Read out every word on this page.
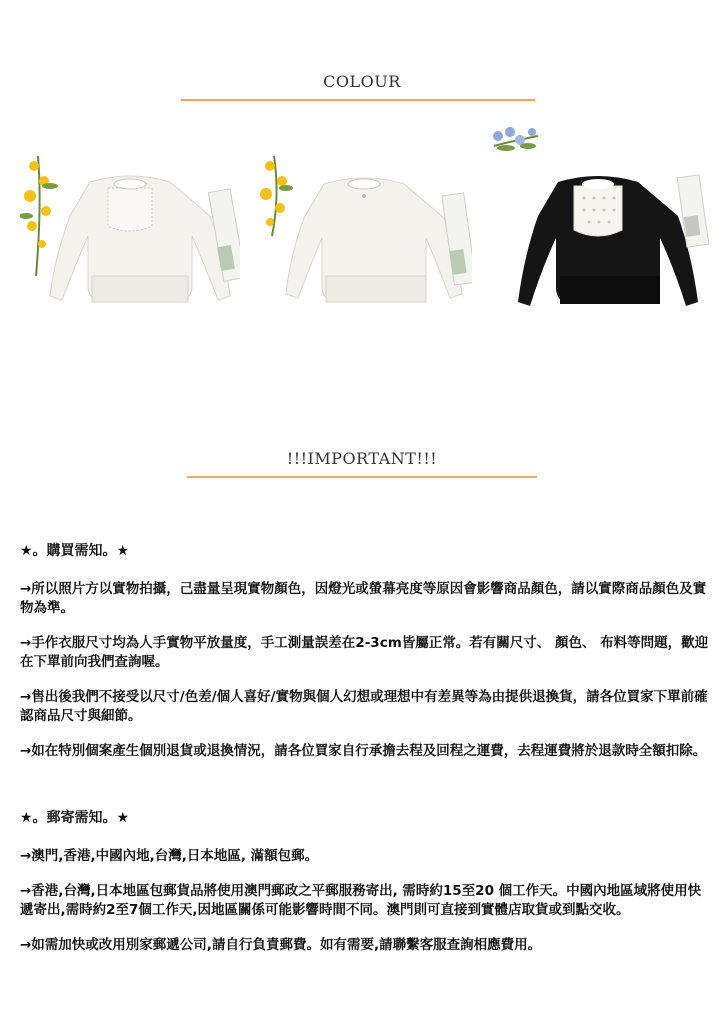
COLOUR
!!!IMPORTANT!!!
★。購買需知。★

→所以照片方以實物拍攝，己盡量呈現實物顏色，因燈光或螢幕亮度等原因會影響商品顏色，請以實際商品顏色及實物為準。

→手作衣服尺寸均為人手實物平放量度，手工測量誤差在2-3cm皆屬正常。若有關尺寸、 顏色、 布料等問題，歡迎在下單前向我們查詢喔。

→售出後我們不接受以尺寸/色差/個人喜好/實物與個人幻想或理想中有差異等為由提供退換貨，請各位買家下單前確認商品尺寸與細節。

→如在特別個案產生個別退貨或退換情況，請各位買家自行承擔去程及回程之運費，去程運費將於退款時全額扣除。

★。郵寄需知。★

→澳門,香港,中國內地,台灣,日本地區, 滿額包郵。

→香港,台灣,日本地區包郵貨品將使用澳門郵政之平郵服務寄出, 需時約15至20 個工作天。中國內地區域將使用快遞寄出,需時約2至7個工作天,因地區關係可能影響時間不同。澳門則可直接到實體店取貨或到點交收。

→如需加快或改用別家郵遞公司,請自行負責郵費。如有需要,請聯繫客服查詢相應費用。
